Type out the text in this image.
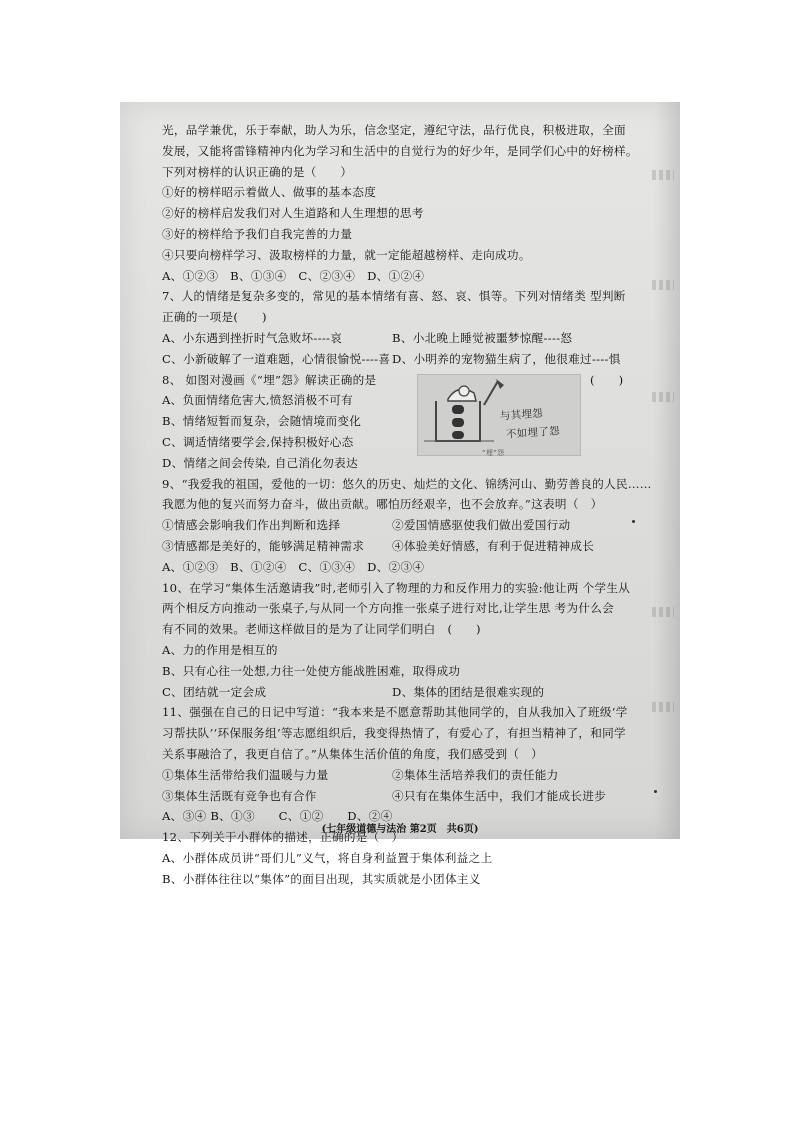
光，品学兼优，乐于奉献，助人为乐，信念坚定，遵纪守法，品行优良，积极进取，全面
发展，又能将雷锋精神内化为学习和生活中的自觉行为的好少年，是同学们心中的好榜样。
下列对榜样的认识正确的是（　　）
①好的榜样昭示着做人、做事的基本态度
②好的榜样启发我们对人生道路和人生理想的思考
③好的榜样给予我们自我完善的力量
④只要向榜样学习、汲取榜样的力量，就一定能超越榜样、走向成功。
A、①②③　B、①③④　C、②③④　D、①②④
7、人的情绪是复杂多变的，常见的基本情绪有喜、怒、哀、惧等。下列对情绪类 型判断
正确的一项是(　　)
A、小东遇到挫折时气急败坏----哀	B、小北晚上睡觉被噩梦惊醒----怒
C、小新破解了一道难题，心情很愉悦----喜 D、小明养的宠物猫生病了，他很难过----惧
8、 如图对漫画《“埋”怨》解读正确的是	(　　)
A、负面情绪危害大,愤怒消极不可有
B、情绪短暂而复杂，会随情境而变化
C、调适情绪要学会,保持积极好心态
D、情绪之间会传染, 自己消化勿表达
与其埋怨
不如埋了怨
“埋”怨
9、“我爱我的祖国，爱他的一切：悠久的历史、灿烂的文化、锦绣河山、勤劳善良的人民……
我愿为他的复兴而努力奋斗，做出贡献。哪怕历经艰辛，也不会放弃。”这表明（　）
①情感会影响我们作出判断和选择	②爱国情感驱使我们做出爱国行动
③情感都是美好的，能够满足精神需求	④体验美好情感，有利于促进精神成长
A、①②③　B、①②④　C、①③④　D、②③④
10、在学习“集体生活邀请我”时,老师引入了物理的力和反作用力的实验:他让两 个学生从
两个相反方向推动一张桌子,与从同一个方向推一张桌子进行对比,让学生思 考为什么会
有不同的效果。老师这样做目的是为了让同学们明白　(　　)
A、力的作用是相互的
B、只有心往一处想,力往一处使方能战胜困难，取得成功
C、团结就一定会成	D、集体的团结是很难实现的
11、强强在自己的日记中写道：“我本来是不愿意帮助其他同学的，自从我加入了班级‘学
习帮扶队’‘环保服务组’等志愿组织后，我变得热情了，有爱心了，有担当精神了，和同学
关系事融洽了，我更自信了。”从集体生活价值的角度，我们感受到（　）
①集体生活带给我们温暖与力量	②集体生活培养我们的责任能力
③集体生活既有竞争也有合作	④只有在集体生活中，我们才能成长进步
A、③④ B、①③　　C、①②　　D、②④
12、下列关于小群体的描述，正确的是（　）
A、小群体成员讲“哥们儿”义气，将自身利益置于集体利益之上
B、小群体往往以“集体”的面目出现，其实质就是小团体主义
(七年级道德与法治 第2页　共6页)
